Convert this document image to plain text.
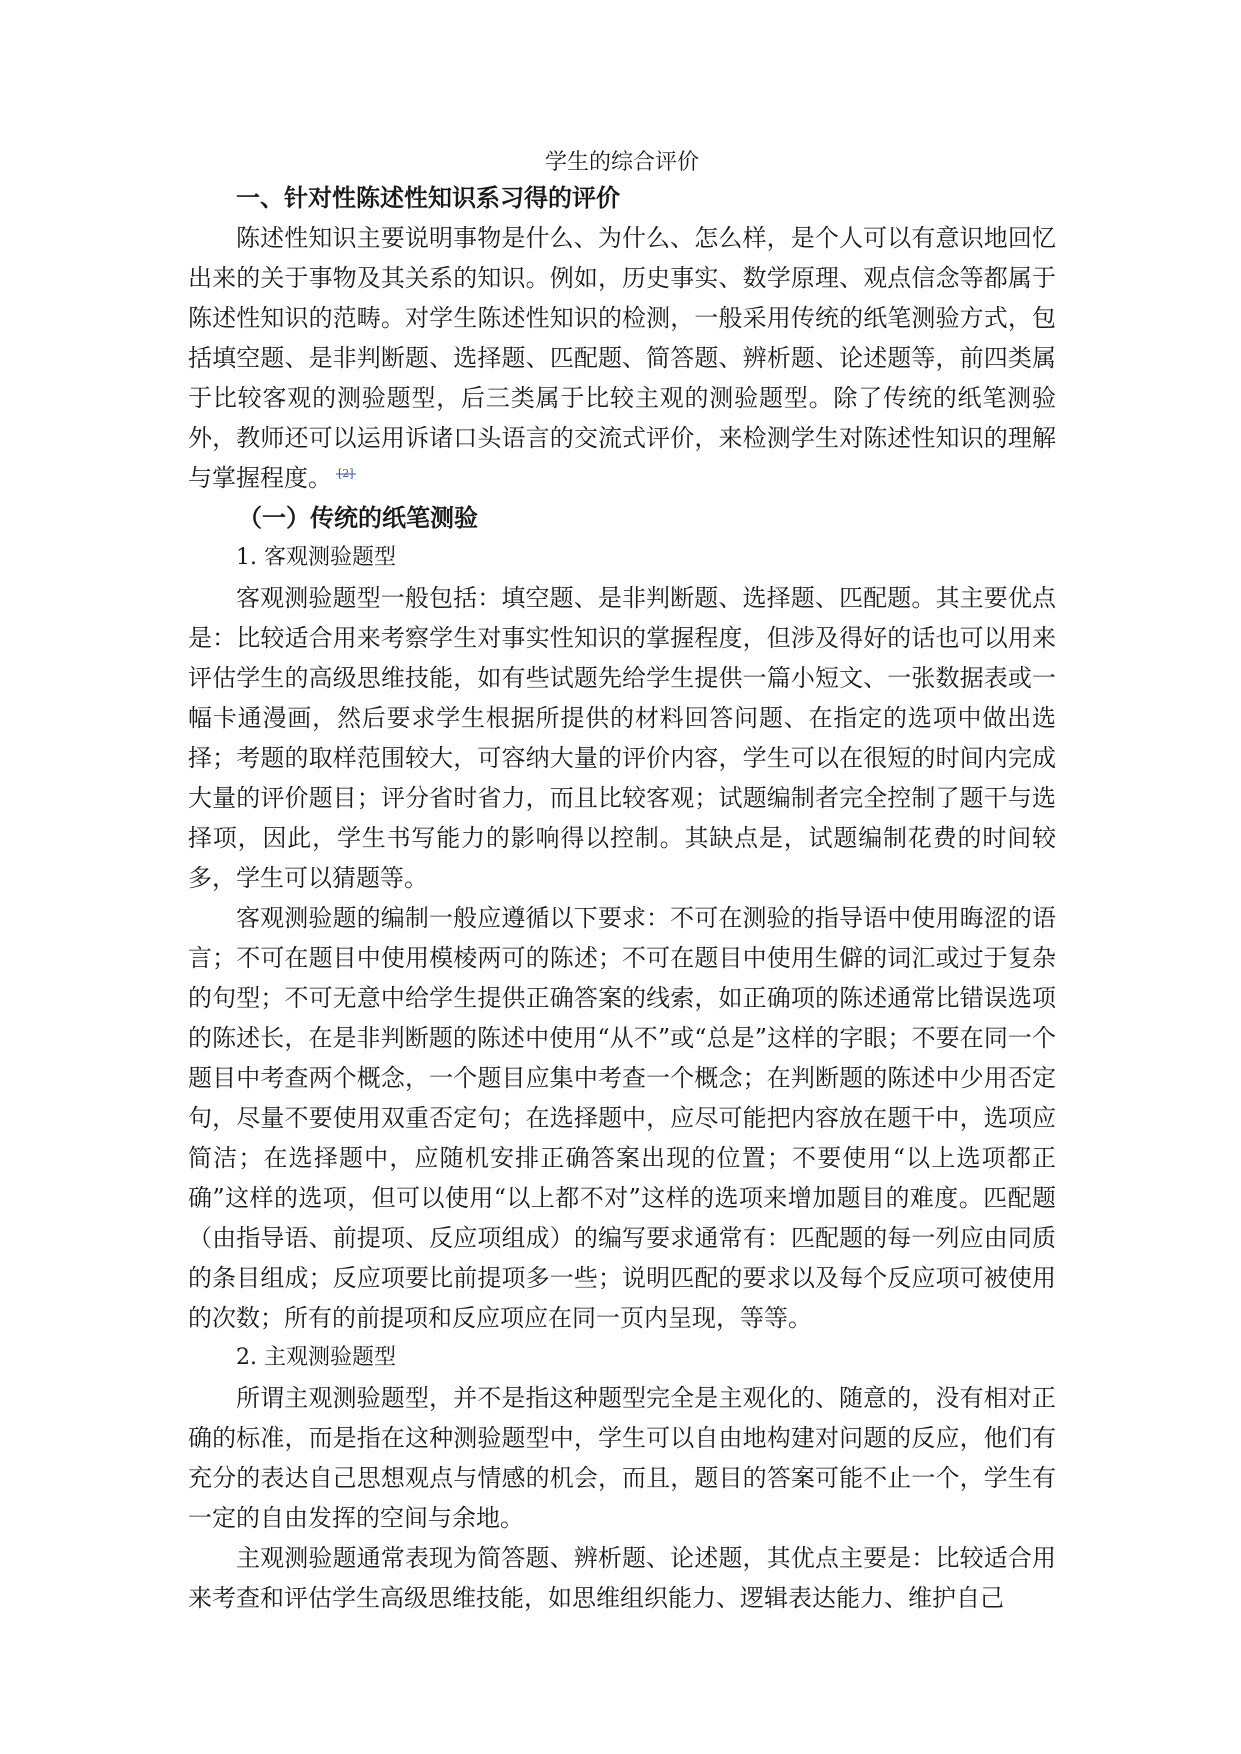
学生的综合评价
一、针对性陈述性知识系习得的评价

陈述性知识主要说明事物是什么、为什么、怎么样，是个人可以有意识地回忆出来的关于事物及其关系的知识。例如，历史事实、数学原理、观点信念等都属于陈述性知识的范畴。对学生陈述性知识的检测，一般采用传统的纸笔测验方式，包括填空题、是非判断题、选择题、匹配题、简答题、辨析题、论述题等，前四类属于比较客观的测验题型，后三类属于比较主观的测验题型。除了传统的纸笔测验外，教师还可以运用诉诸口头语言的交流式评价，来检测学生对陈述性知识的理解与掌握程度。 [2]

（一）传统的纸笔测验
1. 客观测验题型

客观测验题型一般包括：填空题、是非判断题、选择题、匹配题。其主要优点是：比较适合用来考察学生对事实性知识的掌握程度，但涉及得好的话也可以用来评估学生的高级思维技能，如有些试题先给学生提供一篇小短文、一张数据表或一幅卡通漫画，然后要求学生根据所提供的材料回答问题、在指定的选项中做出选择；考题的取样范围较大，可容纳大量的评价内容，学生可以在很短的时间内完成大量的评价题目；评分省时省力，而且比较客观；试题编制者完全控制了题干与选择项，因此，学生书写能力的影响得以控制。其缺点是，试题编制花费的时间较多，学生可以猜题等。

客观测验题的编制一般应遵循以下要求：不可在测验的指导语中使用晦涩的语言；不可在题目中使用模棱两可的陈述；不可在题目中使用生僻的词汇或过于复杂的句型；不可无意中给学生提供正确答案的线索，如正确项的陈述通常比错误选项的陈述长，在是非判断题的陈述中使用“从不”或“总是”这样的字眼；不要在同一个题目中考查两个概念，一个题目应集中考查一个概念；在判断题的陈述中少用否定句，尽量不要使用双重否定句；在选择题中，应尽可能把内容放在题干中，选项应简洁；在选择题中，应随机安排正确答案出现的位置；不要使用“以上选项都正确”这样的选项，但可以使用“以上都不对”这样的选项来增加题目的难度。匹配题（由指导语、前提项、反应项组成）的编写要求通常有：匹配题的每一列应由同质的条目组成；反应项要比前提项多一些；说明匹配的要求以及每个反应项可被使用的次数；所有的前提项和反应项应在同一页内呈现，等等。

2. 主观测验题型

所谓主观测验题型，并不是指这种题型完全是主观化的、随意的，没有相对正确的标准，而是指在这种测验题型中，学生可以自由地构建对问题的反应，他们有充分的表达自己思想观点与情感的机会，而且，题目的答案可能不止一个，学生有一定的自由发挥的空间与余地。

主观测验题通常表现为简答题、辨析题、论述题，其优点主要是：比较适合用来考查和评估学生高级思维技能，如思维组织能力、逻辑表达能力、维护自己
